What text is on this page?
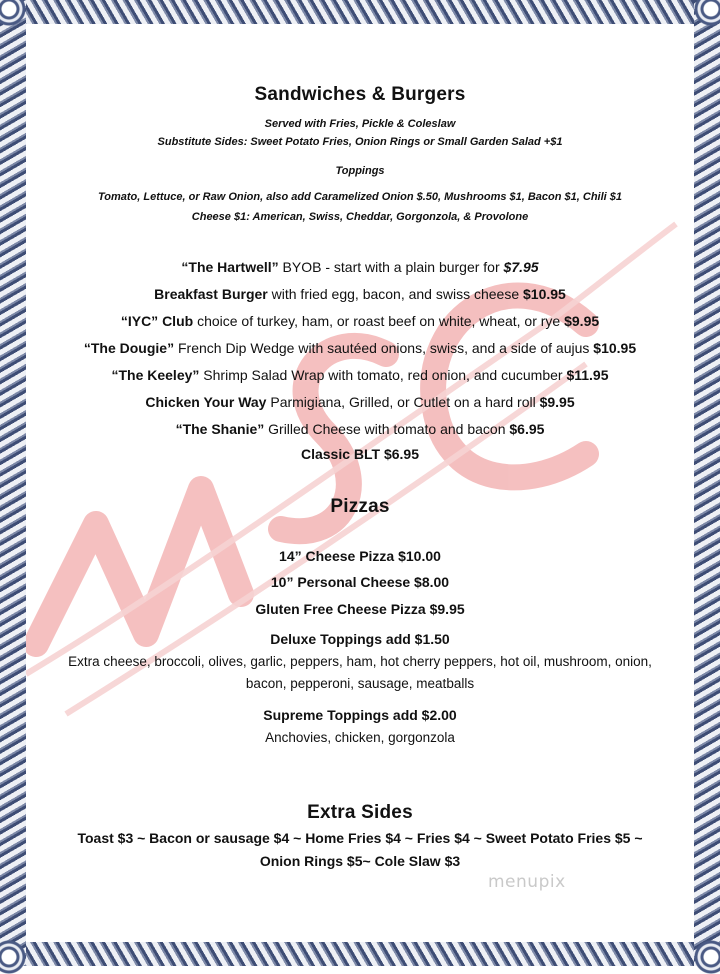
Sandwiches & Burgers
Served with Fries, Pickle & Coleslaw
Substitute Sides: Sweet Potato Fries, Onion Rings or Small Garden Salad +$1
Toppings
Tomato, Lettuce, or Raw Onion, also add Caramelized Onion $.50, Mushrooms $1, Bacon $1, Chili $1
Cheese $1: American, Swiss, Cheddar, Gorgonzola, & Provolone
“The Hartwell” BYOB - start with a plain burger for $7.95
Breakfast Burger with fried egg, bacon, and swiss cheese $10.95
“IYC” Club choice of turkey, ham, or roast beef on white, wheat, or rye $9.95
“The Dougie” French Dip Wedge with sautéed onions, swiss, and a side of aujus $10.95
“The Keeley” Shrimp Salad Wrap with tomato, red onion, and cucumber $11.95
Chicken Your Way Parmigiana, Grilled, or Cutlet on a hard roll $9.95
“The Shanie” Grilled Cheese with tomato and bacon $6.95
Classic BLT $6.95
Pizzas
14” Cheese Pizza $10.00
10” Personal Cheese $8.00
Gluten Free Cheese Pizza $9.95
Deluxe Toppings add $1.50
Extra cheese, broccoli, olives, garlic, peppers, ham, hot cherry peppers, hot oil, mushroom, onion,
bacon, pepperoni, sausage, meatballs
Supreme Toppings add $2.00
Anchovies, chicken, gorgonzola
Extra Sides
Toast $3 ~ Bacon or sausage $4 ~ Home Fries $4 ~ Fries $4 ~ Sweet Potato Fries $5 ~
Onion Rings $5~ Cole Slaw $3
menupix
